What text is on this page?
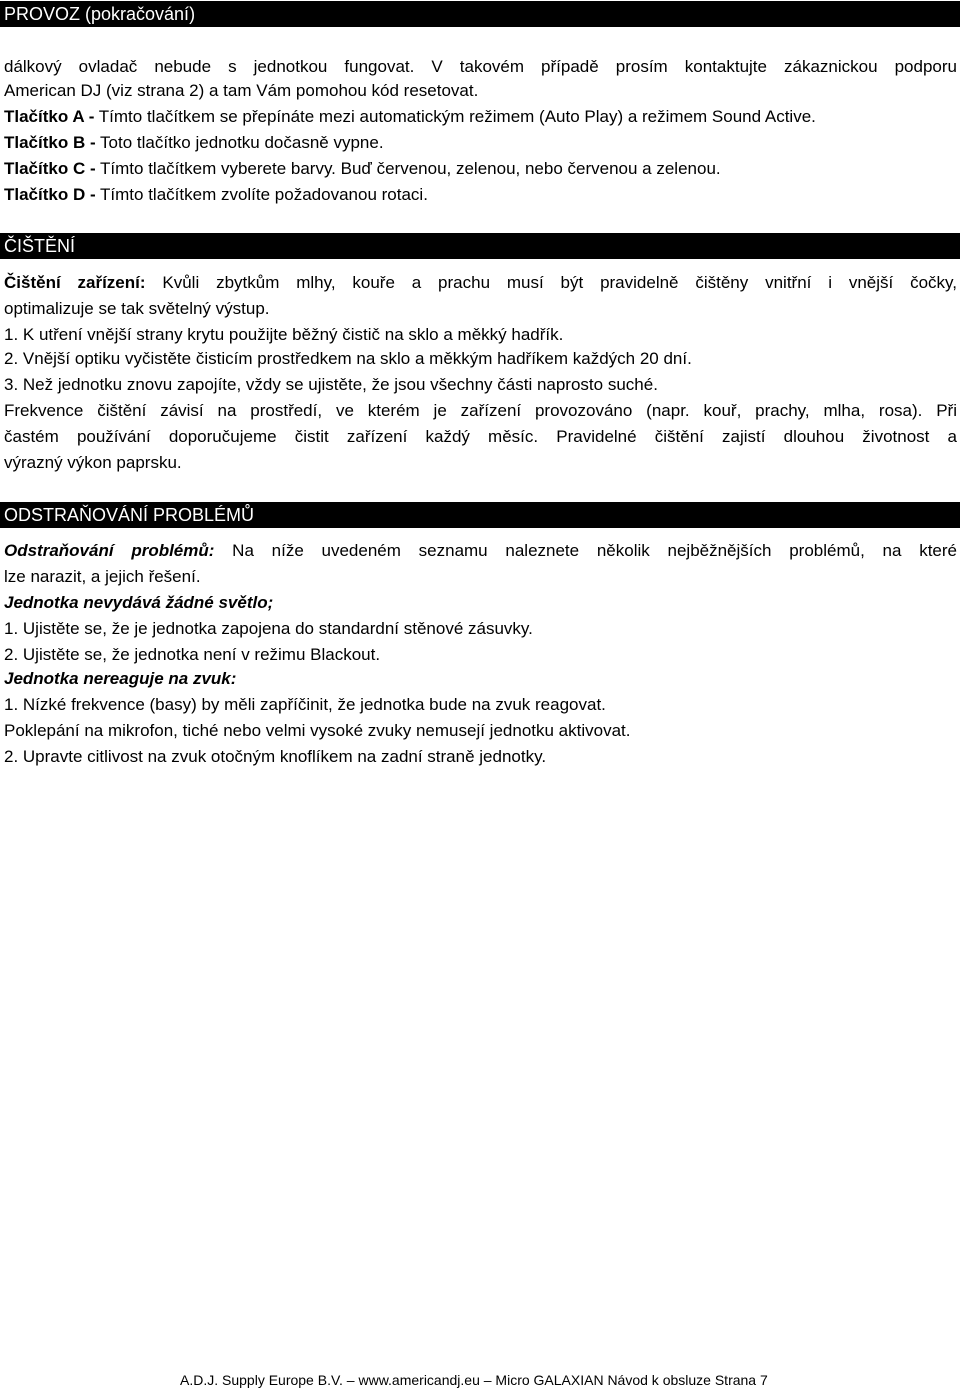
PROVOZ (pokračování)
dálkový ovladač nebude s jednotkou fungovat. V takovém případě prosím kontaktujte zákaznickou podporu
American DJ (viz strana 2) a tam Vám pomohou kód resetovat.
Tlačítko A - Tímto tlačítkem se přepínáte mezi automatickým režimem (Auto Play) a režimem Sound Active.
Tlačítko B - Toto tlačítko jednotku dočasně vypne.
Tlačítko C - Tímto tlačítkem vyberete barvy. Buď červenou, zelenou, nebo červenou a zelenou.
Tlačítko D - Tímto tlačítkem zvolíte požadovanou rotaci.
ČIŠTĚNÍ
Čištění zařízení: Kvůli zbytkům mlhy, kouře a prachu musí být pravidelně čištěny vnitřní i vnější čočky,
optimalizuje se tak světelný výstup.
1. K utření vnější strany krytu použijte běžný čistič na sklo a měkký hadřík.
2. Vnější optiku vyčistěte čisticím prostředkem na sklo a měkkým hadříkem každých 20 dní.
3. Než jednotku znovu zapojíte, vždy se ujistěte, že jsou všechny části naprosto suché.
Frekvence čištění závisí na prostředí, ve kterém je zařízení provozováno (napr. kouř, prachy, mlha, rosa). Při
častém používání doporučujeme čistit zařízení každý měsíc. Pravidelné čištění zajistí dlouhou životnost a
výrazný výkon paprsku.
ODSTRAŇOVÁNÍ PROBLÉMŮ
Odstraňování problémů: Na níže uvedeném seznamu naleznete několik nejběžnějších problémů, na které
lze narazit, a jejich řešení.
Jednotka nevydává žádné světlo;
1. Ujistěte se, že je jednotka zapojena do standardní stěnové zásuvky.
2. Ujistěte se, že jednotka není v režimu Blackout.
Jednotka nereaguje na zvuk:
1. Nízké frekvence (basy) by měli zapříčinit, že jednotka bude na zvuk reagovat.
Poklepání na mikrofon, tiché nebo velmi vysoké zvuky nemusejí jednotku aktivovat.
2. Upravte citlivost na zvuk otočným knoflíkem na zadní straně jednotky.
A.D.J. Supply Europe B.V. – www.americandj.eu – Micro GALAXIAN Návod k obsluze Strana 7
